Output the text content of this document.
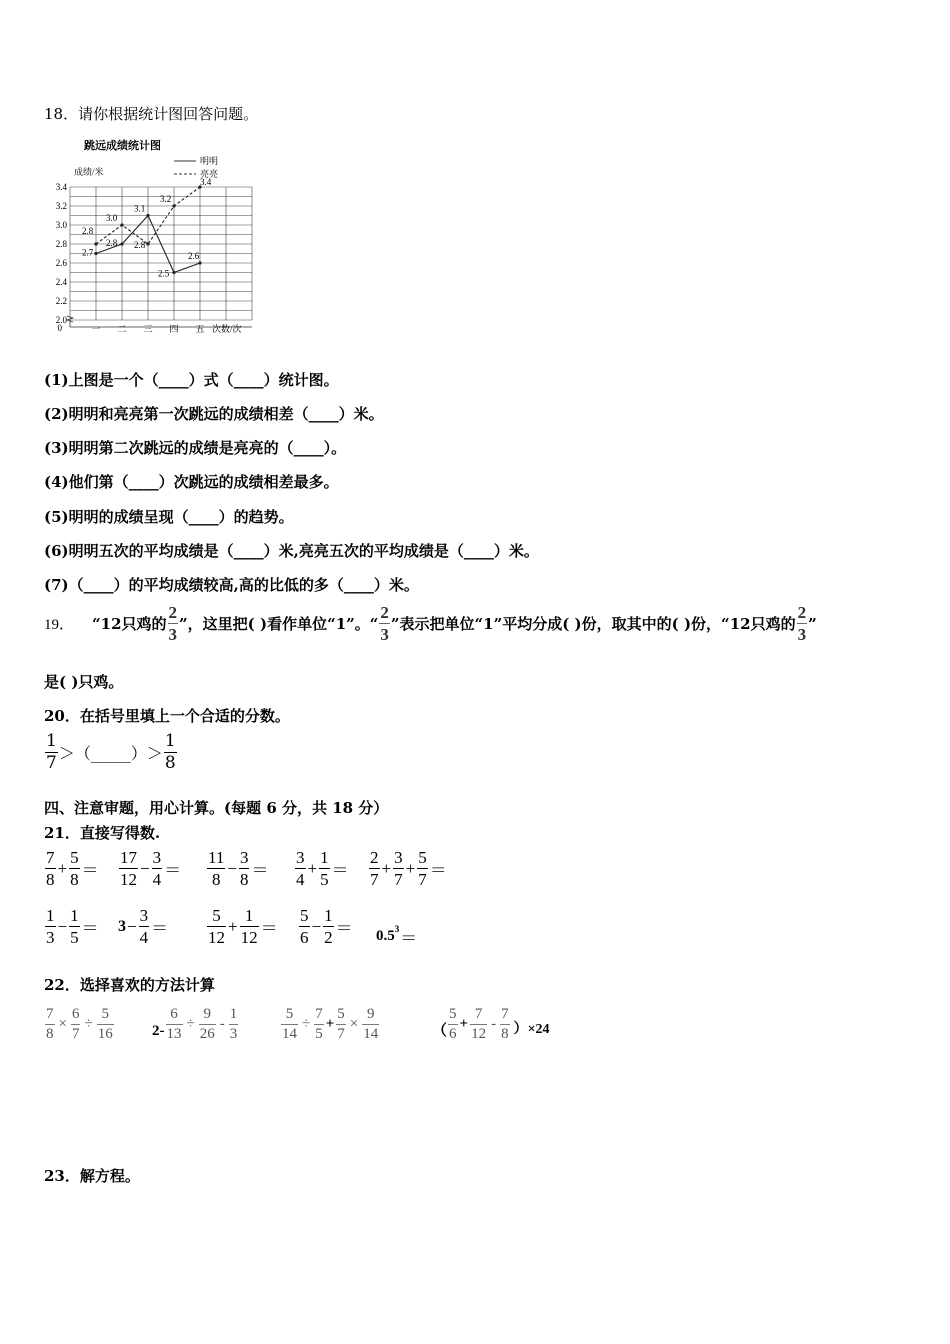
18．请你根据统计图回答问题。
跳远成绩统计图
成绩/米
明明
亮亮
2.0
2.2
2.4
2.6
2.8
3.0
3.2
3.4
0	一 二 三 四 五 次数/次
2.7
2.8
3.1
2.5
2.6
2.8
3.0
2.8
3.2
3.4
(1)上图是一个（____）式（____）统计图。
(2)明明和亮亮第一次跳远的成绩相差（____）米。
(3)明明第二次跳远的成绩是亮亮的（____）。
(4)他们第（____）次跳远的成绩相差最多。
(5)明明的成绩呈现（____）的趋势。
(6)明明五次的平均成绩是（____）米,亮亮五次的平均成绩是（____）米。
(7)（____）的平均成绩较高,高的比低的多（____）米。
19． “12只鸡的
2
3
”，这里把( )看作单位“1”。“
2
3
”表示把单位“1”平均分成( )份，取其中的( )份，“12只鸡的
2
3
”
是( )只鸡。
20．在括号里填上一个合适的分数。
1
7 ＞（_____）＞
1
8
四、注意审题，用心计算。(每题 6 分，共 18 分）
21．直接写得数.
7
8
+
5
8 ＝
17
12
−
3
4 ＝
11
8
−
3
8 ＝
3
4
+
1
5 ＝
2
7
+
3
7
+
5
7 ＝
1
3
−
1
5 ＝ 3 −
3
4 ＝
5
12
+
1
12 ＝
5
6
−
1
$2 = 0.5^3$ ＝
22．选择喜欢的方法计算
7
8
×
6
7
÷
5
16	2-
6
13
÷
9
26
-
1
3
5
14
÷
7
5
+
5
7
×
9
14	（
5
6
+
7
12
-
7
8 ）×24
23．解方程。
